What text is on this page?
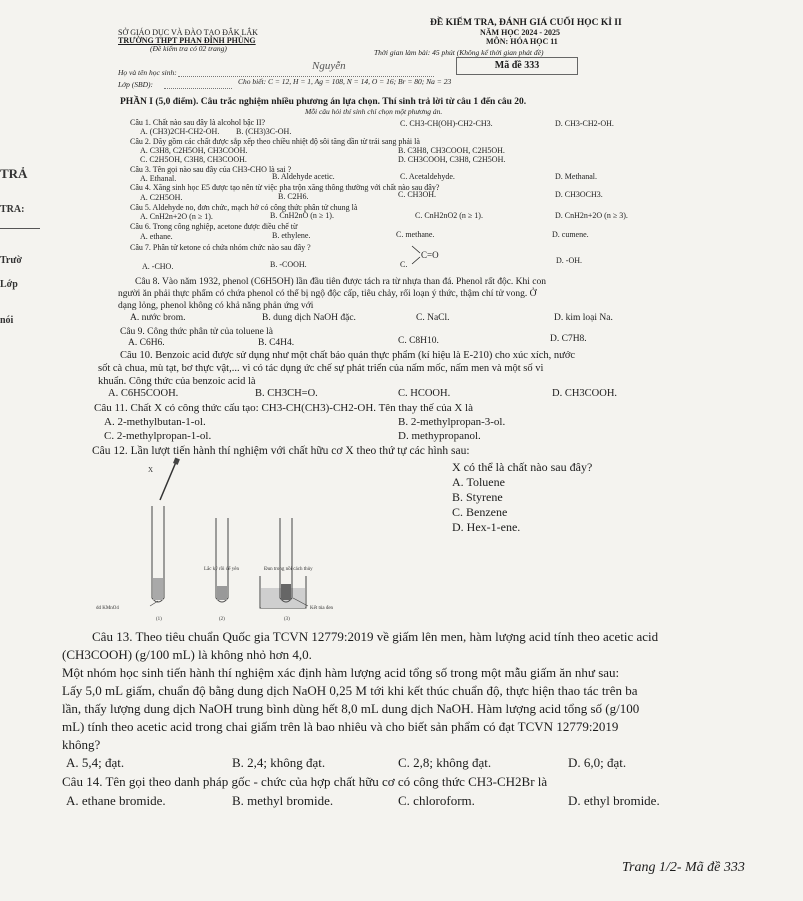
SỞ GIÁO DỤC VÀ ĐÀO TẠO ĐẮK LẮK
TRƯỜNG THPT PHAN ĐÌNH PHÙNG
(Đề kiểm tra có 02 trang)
ĐỀ KIỂM TRA, ĐÁNH GIÁ CUỐI HỌC KÌ II
NĂM HỌC 2024 - 2025
MÔN: HÓA HỌC 11
Thời gian làm bài: 45 phút (Không kể thời gian phát đề)
Họ và tên học sinh:
Nguyễn
Lớp (SBD):
Mã đề 333
Cho biết: C = 12, H = 1, Ag = 108, N = 14, O = 16; Br = 80; Na = 23
PHẦN I (5,0 điểm). Câu trắc nghiệm nhiều phương án lựa chọn. Thí sinh trả lời từ câu 1 đến câu 20.
Mỗi câu hỏi thí sinh chỉ chọn một phương án.
TRẢ
TRA:
Trườ
Lớp
nói
Câu 1. Chất nào sau đây là alcohol bậc II?
A. (CH3)2CH-CH2-OH. B. (CH3)3C-OH.
C. CH3-CH(OH)-CH2-CH3.	D. CH3-CH2-OH.
Câu 2. Dãy gồm các chất được sắp xếp theo chiều nhiệt độ sôi tăng dần từ trái sang phải là
A. C3H8, C2H5OH, CH3COOH.	B. C3H8, CH3COOH, C2H5OH.
C. C2H5OH, C3H8, CH3COOH.	D. CH3COOH, C3H8, C2H5OH.
Câu 3. Tên gọi nào sau đây của CH3-CHO là sai ?
A. Ethanal.	B. Aldehyde acetic.	C. Acetaldehyde.	D. Methanal.
Câu 4. Xăng sinh học E5 được tạo nên từ việc pha trộn xăng thông thường với chất nào sau đây?
A. C2H5OH.	B. C2H6.	C. CH3OH.	D. CH3OCH3.
Câu 5. Aldehyde no, đơn chức, mạch hở có công thức phân tử chung là
A. CnH2n+2O (n ≥ 1).	B. CnH2nO (n ≥ 1).	C. CnH2nO2 (n ≥ 1).	D. CnH2n+2O (n ≥ 3).
Câu 6. Trong công nghiệp, acetone được điều chế từ
A. ethane.	B. ethylene.	C. methane.	D. cumene.
Câu 7. Phân tử ketone có chứa nhóm chức nào sau đây ?
A. -CHO.	B. -COOH.	C.
C=O
D. -OH.
Câu 8. Vào năm 1932, phenol (C6H5OH) lần đầu tiên được tách ra từ nhựa than đá. Phenol rất độc. Khi con
người ăn phải thực phẩm có chứa phenol có thể bị ngộ độc cấp, tiêu chảy, rối loạn ý thức, thậm chí tử vong. Ở
dạng lỏng, phenol không có khả năng phản ứng với
A. nước brom.	B. dung dịch NaOH đặc.	C. NaCl.	D. kim loại Na.
Câu 9. Công thức phân tử của toluene là
A. C6H6.	B. C4H4.	C. C8H10.	D. C7H8.
Câu 10. Benzoic acid được sử dụng như một chất bảo quản thực phẩm (kí hiệu là E-210) cho xúc xích, nước
sốt cà chua, mù tạt, bơ thực vật,... vì có tác dụng ức chế sự phát triển của nấm mốc, nấm men và một số vi
khuẩn. Công thức của benzoic acid là
A. C6H5COOH.	B. CH3CH=O.	C. HCOOH.	D. CH3COOH.
Câu 11. Chất X có công thức cấu tạo: CH3-CH(CH3)-CH2-OH. Tên thay thế của X là
A. 2-methylbutan-1-ol.	B. 2-methylpropan-3-ol.
C. 2-methylpropan-1-ol.	D. methypropanol.
Câu 12. Lần lượt tiến hành thí nghiệm với chất hữu cơ X theo thứ tự các hình sau:
X có thể là chất nào sau đây?
A. Toluene
B. Styrene
C. Benzene
D. Hex-1-ene.
X
dd KMnO4
Lắc kỹ rồi để yên	Đun trong nồi cách thủy
Kết tủa đen
(1)	(2)	(3)
Câu 13. Theo tiêu chuẩn Quốc gia TCVN 12779:2019 về giấm lên men, hàm lượng acid tính theo acetic acid
(CH3COOH) (g/100 mL) là không nhỏ hơn 4,0.
Một nhóm học sinh tiến hành thí nghiệm xác định hàm lượng acid tổng số trong một mẫu giấm ăn như sau:
Lấy 5,0 mL giấm, chuẩn độ bằng dung dịch NaOH 0,25 M tới khi kết thúc chuẩn độ, thực hiện thao tác trên ba
lần, thấy lượng dung dịch NaOH trung bình dùng hết 8,0 mL dung dịch NaOH. Hàm lượng acid tổng số (g/100
mL) tính theo acetic acid trong chai giấm trên là bao nhiêu và cho biết sản phẩm có đạt TCVN 12779:2019
không?
A. 5,4; đạt.	B. 2,4; không đạt.	C. 2,8; không đạt.	D. 6,0; đạt.
Câu 14. Tên gọi theo danh pháp gốc - chức của hợp chất hữu cơ có công thức CH3-CH2Br là
A. ethane bromide.	B. methyl bromide.	C. chloroform.	D. ethyl bromide.
Trang 1/2- Mã đề 333
